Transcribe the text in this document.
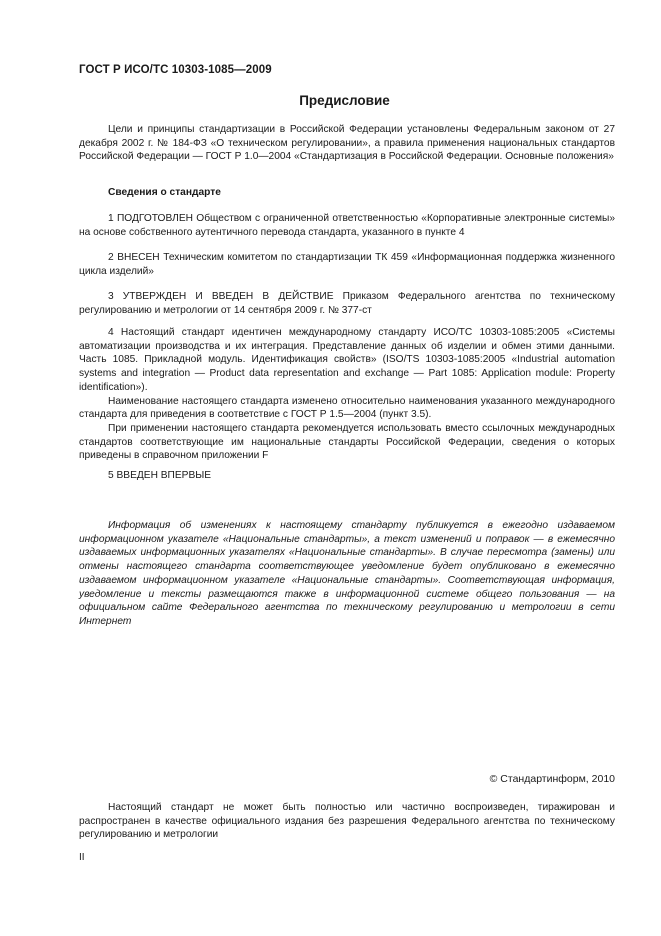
ГОСТ Р ИСО/ТС 10303-1085—2009
Предисловие

Цели и принципы стандартизации в Российской Федерации установлены Федеральным законом от 27 декабря 2002 г. № 184-ФЗ «О техническом регулировании», а правила применения национальных стандартов Российской Федерации — ГОСТ Р 1.0—2004 «Стандартизация в Российской Федерации. Основные положения»

Сведения о стандарте

1 ПОДГОТОВЛЕН Обществом с ограниченной ответственностью «Корпоративные электронные системы» на основе собственного аутентичного перевода стандарта, указанного в пункте 4

2 ВНЕСЕН Техническим комитетом по стандартизации ТК 459 «Информационная поддержка жизненного цикла изделий»

3 УТВЕРЖДЕН И ВВЕДЕН В ДЕЙСТВИЕ Приказом Федерального агентства по техническому регулированию и метрологии от 14 сентября 2009 г. № 377-ст

4 Настоящий стандарт идентичен международному стандарту ИСО/ТС 10303-1085:2005 «Системы автоматизации производства и их интеграция. Представление данных об изделии и обмен этими данными. Часть 1085. Прикладной модуль. Идентификация свойств» (ISO/TS 10303-1085:2005 «Industrial automation systems and integration — Product data representation and exchange — Part 1085: Application module: Property identification»).

Наименование настоящего стандарта изменено относительно наименования указанного международного стандарта для приведения в соответствие с ГОСТ Р 1.5—2004 (пункт 3.5).

При применении настоящего стандарта рекомендуется использовать вместо ссылочных международных стандартов соответствующие им национальные стандарты Российской Федерации, сведения о которых приведены в справочном приложении F

5 ВВЕДЕН ВПЕРВЫЕ

Информация об изменениях к настоящему стандарту публикуется в ежегодно издаваемом информационном указателе «Национальные стандарты», а текст изменений и поправок — в ежемесячно издаваемых информационных указателях «Национальные стандарты». В случае пересмотра (замены) или отмены настоящего стандарта соответствующее уведомление будет опубликовано в ежемесячно издаваемом информационном указателе «Национальные стандарты». Соответствующая информация, уведомление и тексты размещаются также в информационной системе общего пользования — на официальном сайте Федерального агентства по техническому регулированию и метрологии в сети Интернет

© Стандартинформ, 2010

Настоящий стандарт не может быть полностью или частично воспроизведен, тиражирован и распространен в качестве официального издания без разрешения Федерального агентства по техническому регулированию и метрологии

II
